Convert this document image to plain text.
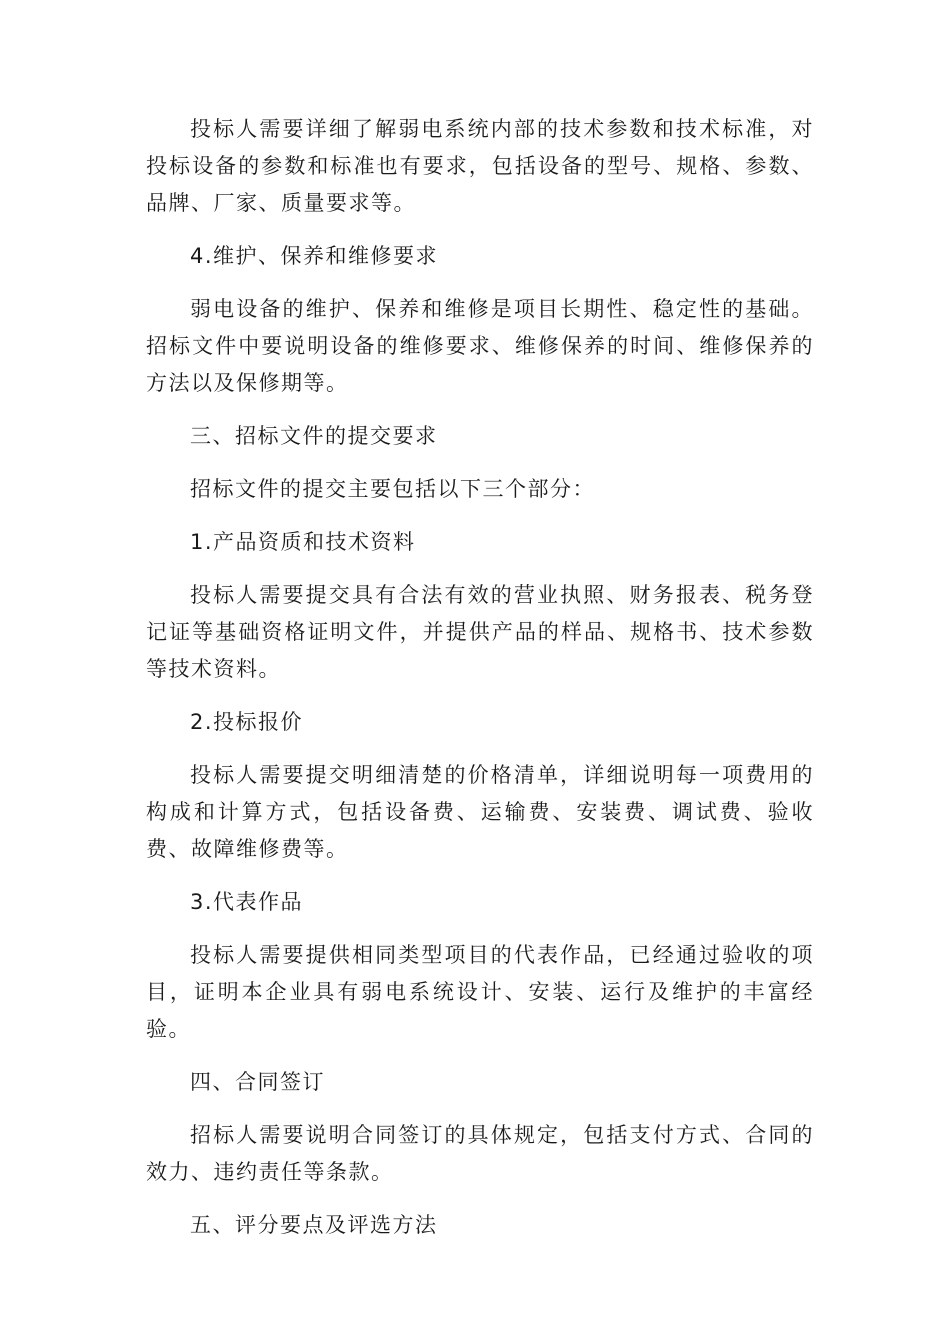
投标人需要详细了解弱电系统内部的技术参数和技术标准，对投标设备的参数和标准也有要求，包括设备的型号、规格、参数、品牌、厂家、质量要求等。

4.维护、保养和维修要求

弱电设备的维护、保养和维修是项目长期性、稳定性的基础。招标文件中要说明设备的维修要求、维修保养的时间、维修保养的方法以及保修期等。

三、招标文件的提交要求

招标文件的提交主要包括以下三个部分：

1.产品资质和技术资料

投标人需要提交具有合法有效的营业执照、财务报表、税务登记证等基础资格证明文件，并提供产品的样品、规格书、技术参数等技术资料。

2.投标报价

投标人需要提交明细清楚的价格清单，详细说明每一项费用的构成和计算方式，包括设备费、运输费、安装费、调试费、验收费、故障维修费等。

3.代表作品

投标人需要提供相同类型项目的代表作品，已经通过验收的项目，证明本企业具有弱电系统设计、安装、运行及维护的丰富经验。

四、合同签订

招标人需要说明合同签订的具体规定，包括支付方式、合同的效力、违约责任等条款。

五、评分要点及评选方法
